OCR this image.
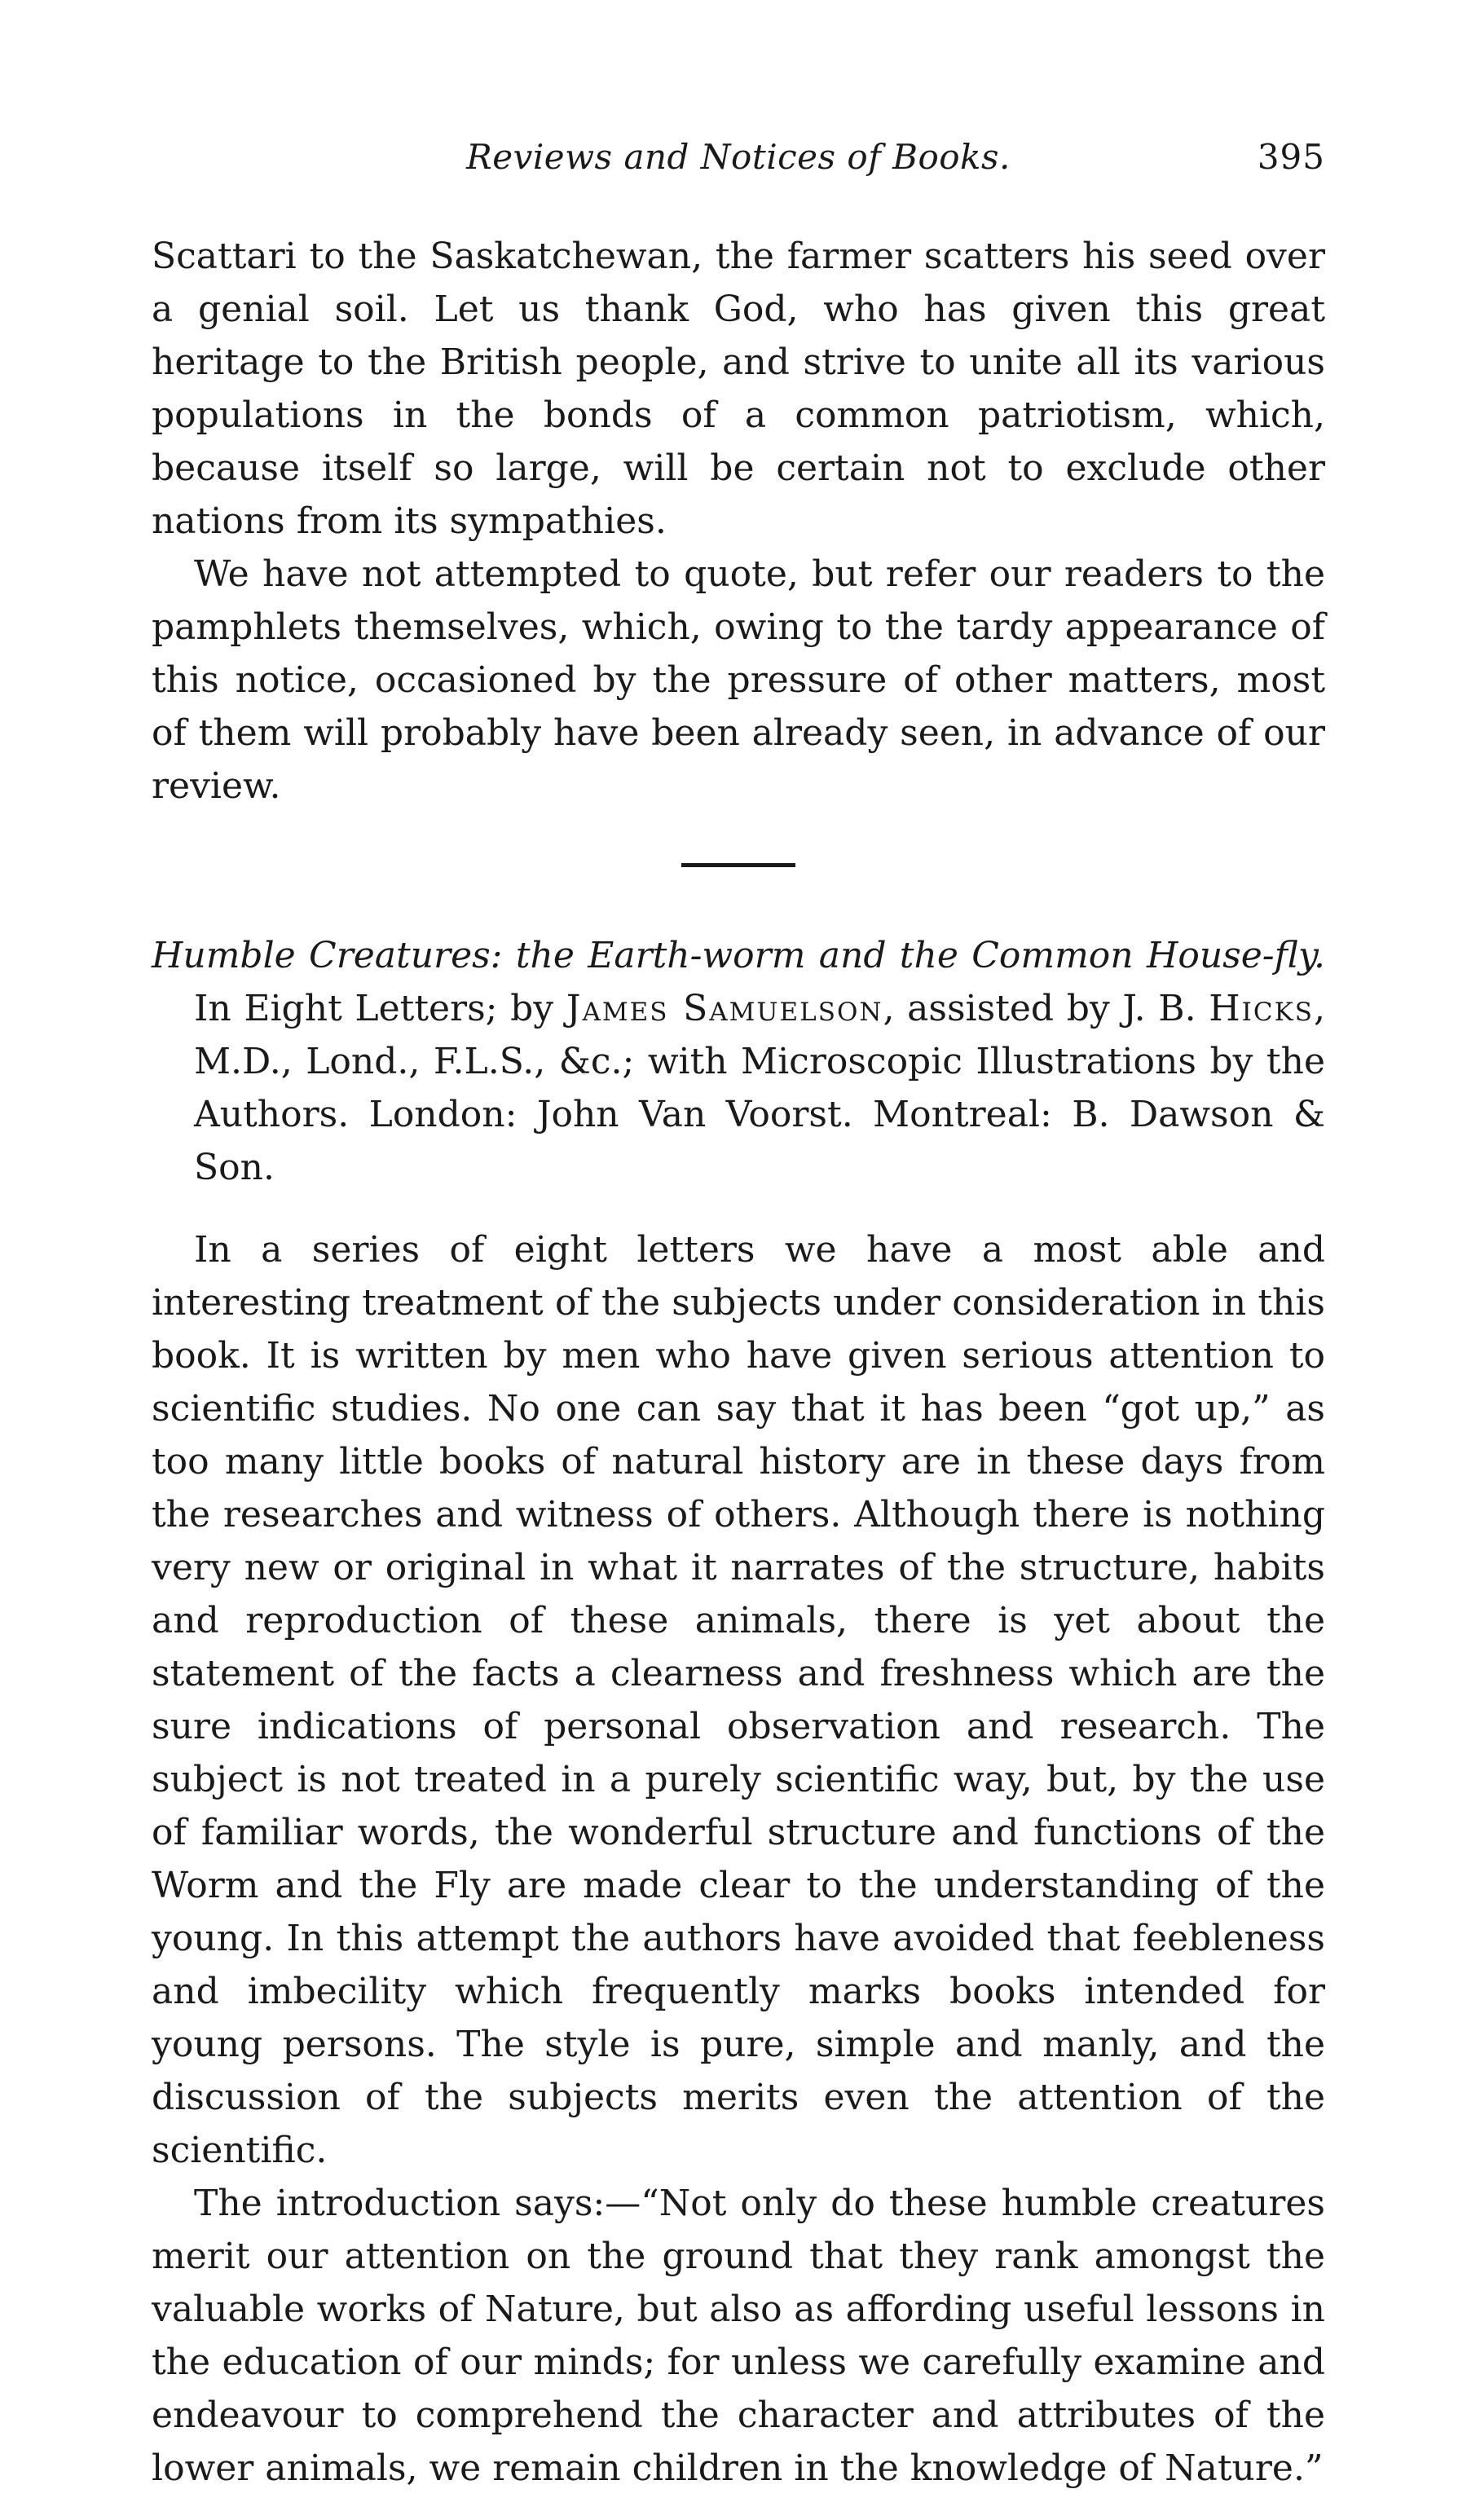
Reviews and Notices of Books.	395

Scattari to the Saskatchewan, the farmer scatters his seed over a genial soil. Let us thank God, who has given this great heritage to the British people, and strive to unite all its various populations in the bonds of a common patriotism, which, because itself so large, will be certain not to exclude other nations from its sympathies.

We have not attempted to quote, but refer our readers to the pamphlets themselves, which, owing to the tardy appearance of this notice, occasioned by the pressure of other matters, most of them will probably have been already seen, in advance of our review.

Humble Creatures: the Earth-worm and the Common House-fly. In Eight Letters; by James Samuelson, assisted by J. B. Hicks, M.D., Lond., F.L.S., &c.; with Microscopic Illustrations by the Authors. London: John Van Voorst. Montreal: B. Dawson & Son.

In a series of eight letters we have a most able and interesting treatment of the subjects under consideration in this book. It is written by men who have given serious attention to scientific studies. No one can say that it has been “got up,” as too many little books of natural history are in these days from the researches and witness of others. Although there is nothing very new or original in what it narrates of the structure, habits and reproduction of these animals, there is yet about the statement of the facts a clearness and freshness which are the sure indications of personal observation and research. The subject is not treated in a purely scientific way, but, by the use of familiar words, the wonderful structure and functions of the Worm and the Fly are made clear to the understanding of the young. In this attempt the authors have avoided that feebleness and imbecility which frequently marks books intended for young persons. The style is pure, simple and manly, and the discussion of the subjects merits even the attention of the scientific.

The introduction says:—“Not only do these humble creatures merit our attention on the ground that they rank amongst the valuable works of Nature, but also as affording useful lessons in the education of our minds; for unless we carefully examine and endeavour to comprehend the character and attributes of the lower animals, we remain children in the knowledge of Nature.”
